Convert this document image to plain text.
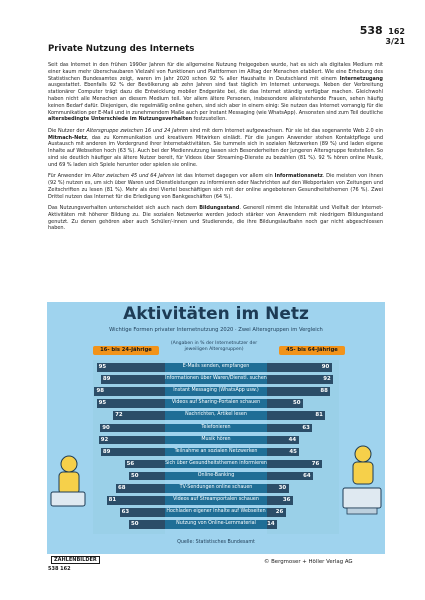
538 162
3/21
Private Nutzung des Internets

Seit das Internet in den frühen 1990er Jahren für die allgemeine Nutzung freigegeben wurde, hat es sich als digitales Medium mit einer kaum mehr überschaubaren Vielzahl von Funktionen und Plattformen im Alltag der Menschen etabliert. Wie eine Erhebung des Statistischen Bundesamtes zeigt, waren im Jahr 2020 schon 92 % aller Haushalte in Deutschland mit einem Internetzugang ausgestattet. Ebenfalls 92 % der Bevölkerung ab zehn Jahren sind fast täglich im Internet unterwegs. Neben der Verbreitung stationärer Computer trägt dazu die Entwicklung mobiler Endgeräte bei, die das Internet ständig verfügbar machen. Gleichwohl haben nicht alle Menschen an diesem Medium teil. Vor allem ältere Personen, insbesondere alleinstehende Frauen, sehen häufig keinen Bedarf dafür. Diejenigen, die regelmäßig online gehen, sind sich aber in einem einig: Sie nutzen das Internet vorrangig für die Kommunikation per E-Mail und in zunehmendem Maße auch per Instant Messaging (wie WhatsApp). Ansonsten sind zum Teil deutliche altersbedingte Unterschiede im Nutzungsverhalten festzustellen.

Die Nutzer der Altersgruppe zwischen 16 und 24 Jahren sind mit dem Internet aufgewachsen. Für sie ist das sogenannte Web 2.0 ein Mitmach-Netz, das zu Kommunikation und kreativem Mitwirken einlädt. Für die jungen Anwender stehen Kontaktpflege und Austausch mit anderen im Vordergrund ihrer Internetaktivitäten. Sie tummeln sich in sozialen Netzwerken (89 %) und laden eigene Inhalte auf Webseiten hoch (63 %). Auch bei der Mediennutzung lassen sich Besonderheiten der jungeren Altersgruppe feststellen. So sind sie deutlich häufiger als ältere Nutzer bereit, für Videos über Streaming-Dienste zu bezahlen (81 %). 92 % hören online Musik, und 69 % laden sich Spiele herunter oder spielen sie online.

Für Anwender im Alter zwischen 45 und 64 Jahren ist das Internet dagegen vor allem ein Informationsnetz. Die meisten von ihnen (92 %) nutzen es, um sich über Waren und Dienstleistungen zu informieren oder Nachrichten auf den Webportalen von Zeitungen und Zeitschriften zu lesen (81 %). Mehr als drei Viertel beschäftigen sich mit der online angebotenen Gesundheitsthemen (76 %). Zwei Drittel nutzen das Internet für die Erledigung von Bankgeschäften (64 %).

Das Nutzungsverhalten unterscheidet sich auch nach dem Bildungsstand. Generell nimmt die Intensität und Vielfalt der Internet-Aktivitäten mit höherer Bildung zu. Die sozialen Netzwerke werden jedoch stärker von Anwendern mit niedrigem Bildungsstand genutzt. Zu denen gehören aber auch Schüler/-innen und Studierende, die ihre Bildungslaufbahn noch gar nicht abgeschlossen haben.

Aktivitäten im Netz
Wichtige Formen privater Internetnutzung 2020 · Zwei Altersgruppen im Vergleich
16- bis 24-Jährige
(Angaben in % der Internetnutzer der jeweiligen Altersgruppen)	45- bis 64-Jährige
95	E-Mails senden, empfangen	90
89	Informationen über Waren/Dienstl. suchen	92
98	Instant Messaging (WhatsApp usw.)	88
95	Videos auf Sharing-Portalen schauen	50
72	Nachrichten, Artikel lesen	81
90	Telefonieren	63
92	Musik hören	44
89	Teilnahme an sozialen Netzwerken	45
56	Sich über Gesundheitsthemen informieren	76
50	Online-Banking	64
68	TV-Sendungen online schauen	30
81	Videos auf Streamportalen schauen	36
63	Hochladen eigener Inhalte auf Webseiten 26
50	Nutzung von Online-Lernmaterial	14
Quelle: Statistisches Bundesamt
ZAHLENBILDER
538 162
© Bergmoser + Höller Verlag AG
